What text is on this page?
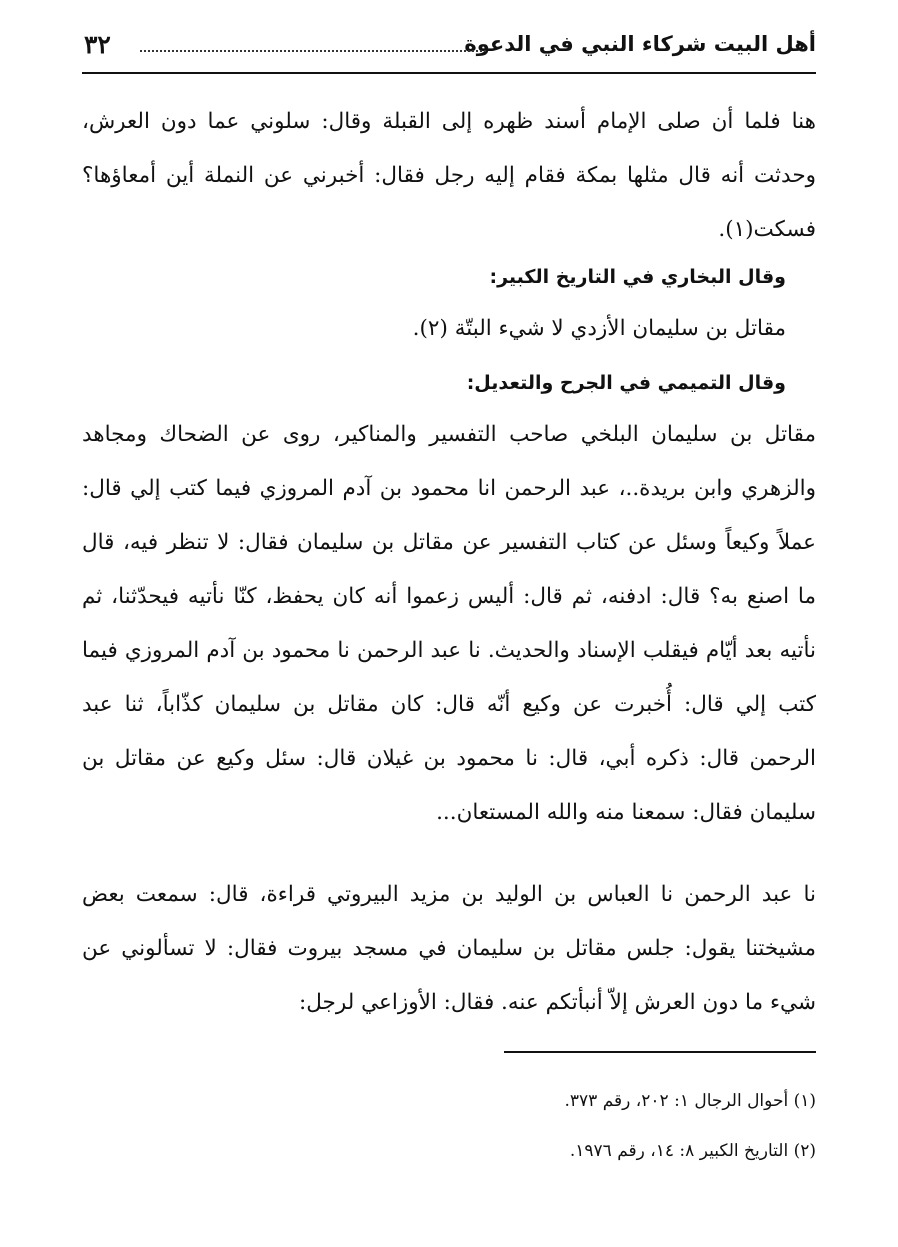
أهل البيت شركاء النبي في الدعوة
٣٢
هنا فلما أن صلى الإمام أسند ظهره إلى القبلة وقال: سلوني عما دون العرش، وحدثت أنه قال مثلها بمكة فقام إليه رجل فقال: أخبرني عن النملة أين أمعاؤها؟ فسكت(١).
وقال البخاري في التاريخ الكبير:
مقاتل بن سليمان الأزدي لا شيء البتّة (٢).
وقال التميمي في الجرح والتعديل:
مقاتل بن سليمان البلخي صاحب التفسير والمناكير، روى عن الضحاك ومجاهد والزهري وابن بريدة..، عبد الرحمن انا محمود بن آدم المروزي فيما كتب إلي قال: عملاً وكيعاً وسئل عن كتاب التفسير عن مقاتل بن سليمان فقال: لا تنظر فيه، قال ما اصنع به؟ قال: ادفنه، ثم قال: أليس زعموا أنه كان يحفظ، كنّا نأتيه فيحدّثنا، ثم نأتيه بعد أيّام فيقلب الإسناد والحديث. نا عبد الرحمن نا محمود بن آدم المروزي فيما كتب إلي قال: أُخبرت عن وكيع أنّه قال: كان مقاتل بن سليمان كذّاباً، ثنا عبد الرحمن قال: ذكره أبي، قال: نا محمود بن غيلان قال: سئل وكيع عن مقاتل بن سليمان فقال: سمعنا منه والله المستعان...
نا عبد الرحمن نا العباس بن الوليد بن مزيد البيروتي قراءة، قال: سمعت بعض مشيختنا يقول: جلس مقاتل بن سليمان في مسجد بيروت فقال: لا تسألوني عن شيء ما دون العرش إلاّ أنبأتكم عنه. فقال: الأوزاعي لرجل:
(١) أحوال الرجال ١: ٢٠٢، رقم ٣٧٣.
(٢) التاريخ الكبير ٨: ١٤، رقم ١٩٧٦.
